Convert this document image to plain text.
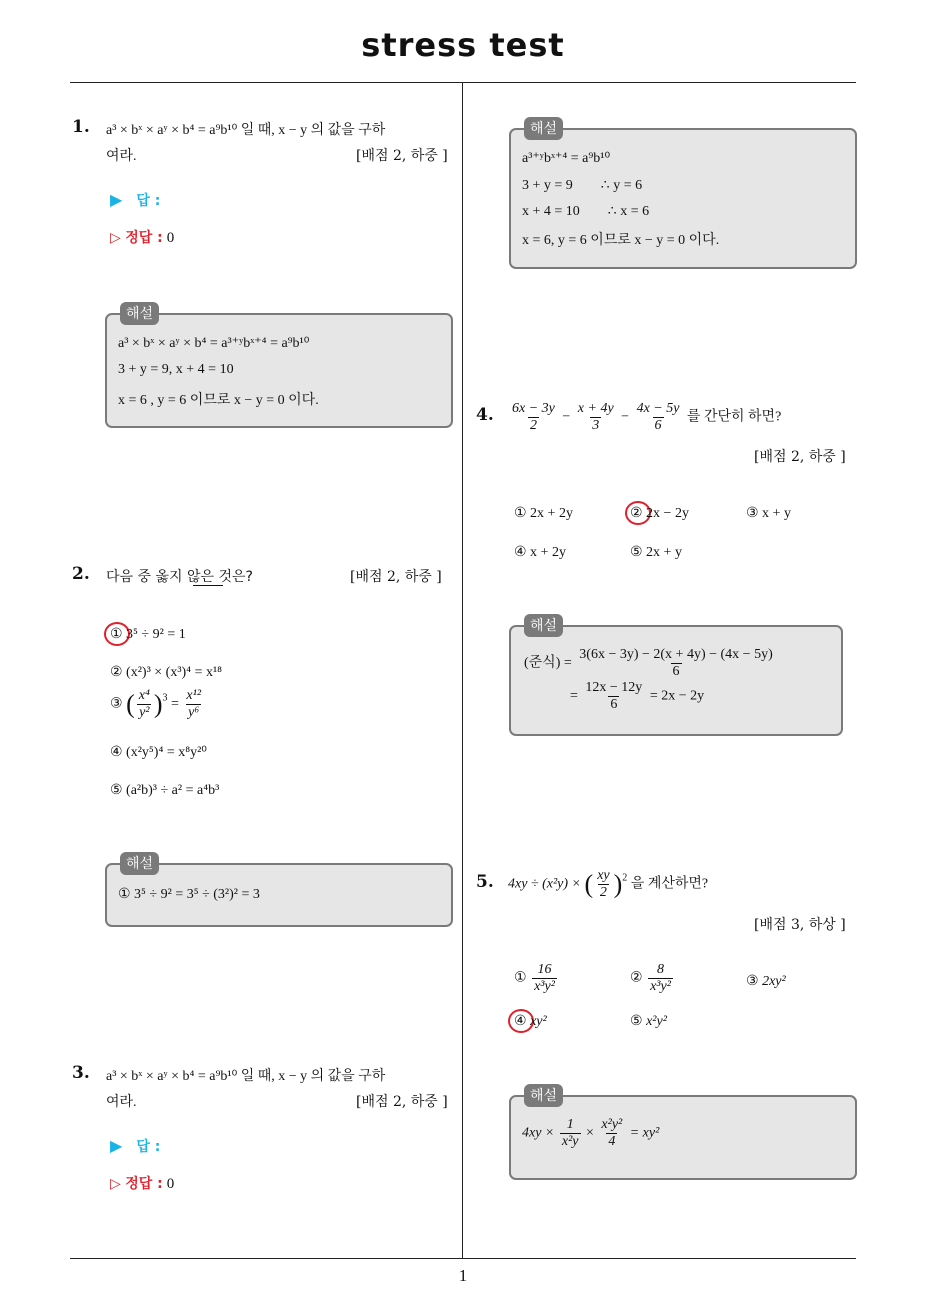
stress test
1
1. a³ × bˣ × aʸ × b⁴ = a⁹b¹⁰ 일 때, x − y 의 값을 구하
여라.	[배점 2, 하중 ]
▶ 답 :
▷ 정답 : 0
해설
a³ × bˣ × aʸ × b⁴ = a³⁺ʸbˣ⁺⁴ = a⁹b¹⁰
3 + y = 9, x + 4 = 10
x = 6 , y = 6 이므로 x − y = 0 이다.
2. 다음 중 옳지 않은 것은?	[배점 2, 하중 ]
① 3⁵ ÷ 9² = 1
② (x²)³ × (x³)⁴ = x¹⁸
③ ( $\frac{\text{x⁴}}{\text{y²}} )^3 = \frac{\text{x¹²}}{\text{y⁶}}$
④ (x²y⁵)⁴ = x⁸y²⁰
⑤ (a²b)³ ÷ a² = a⁴b³
해설
① 3⁵ ÷ 9² = 3⁵ ÷ (3²)² = 3
3. a³ × bˣ × aʸ × b⁴ = a⁹b¹⁰ 일 때, x − y 의 값을 구하
여라.	[배점 2, 하중 ]
▶ 답 :
▷ 정답 : 0
해설
a³⁺ʸbˣ⁺⁴ = a⁹b¹⁰
3 + y = 9        ∴ y = 6
x + 4 = 10        ∴ x = 6
x = 6, y = 6 이므로 x − y = 0 이다.
4. $\frac{6x - 3y}{2} - \frac{x + 4y}{3} - \frac{4x - 5y}{6}$ 를 간단히 하면?
[배점 2, 하중 ]
① 2x + 2y	② 2x − 2y	③ x + y
④ x + 2y	⑤ 2x + y
해설
(준식) = $\frac{3(6x - 3y) - 2(x + 4y) - (4x - 5y)}{6}$
= $\frac{12x - 12y}{6} = 2x - 2y$
5. 4xy ÷ (x²y) × ( $\frac{xy}{2} )^2$ 을 계산하면?
[배점 3, 하상 ]
① $\frac{16}{\text{x³y²}}$	② $\frac{8}{\text{x³y²}}$	③ 2xy²
④ xy²	⑤ x²y²
해설
$4xy \times \frac{1}{\text{x²y}} \times \frac{\text{x²y²}}{4} = xy^2$
